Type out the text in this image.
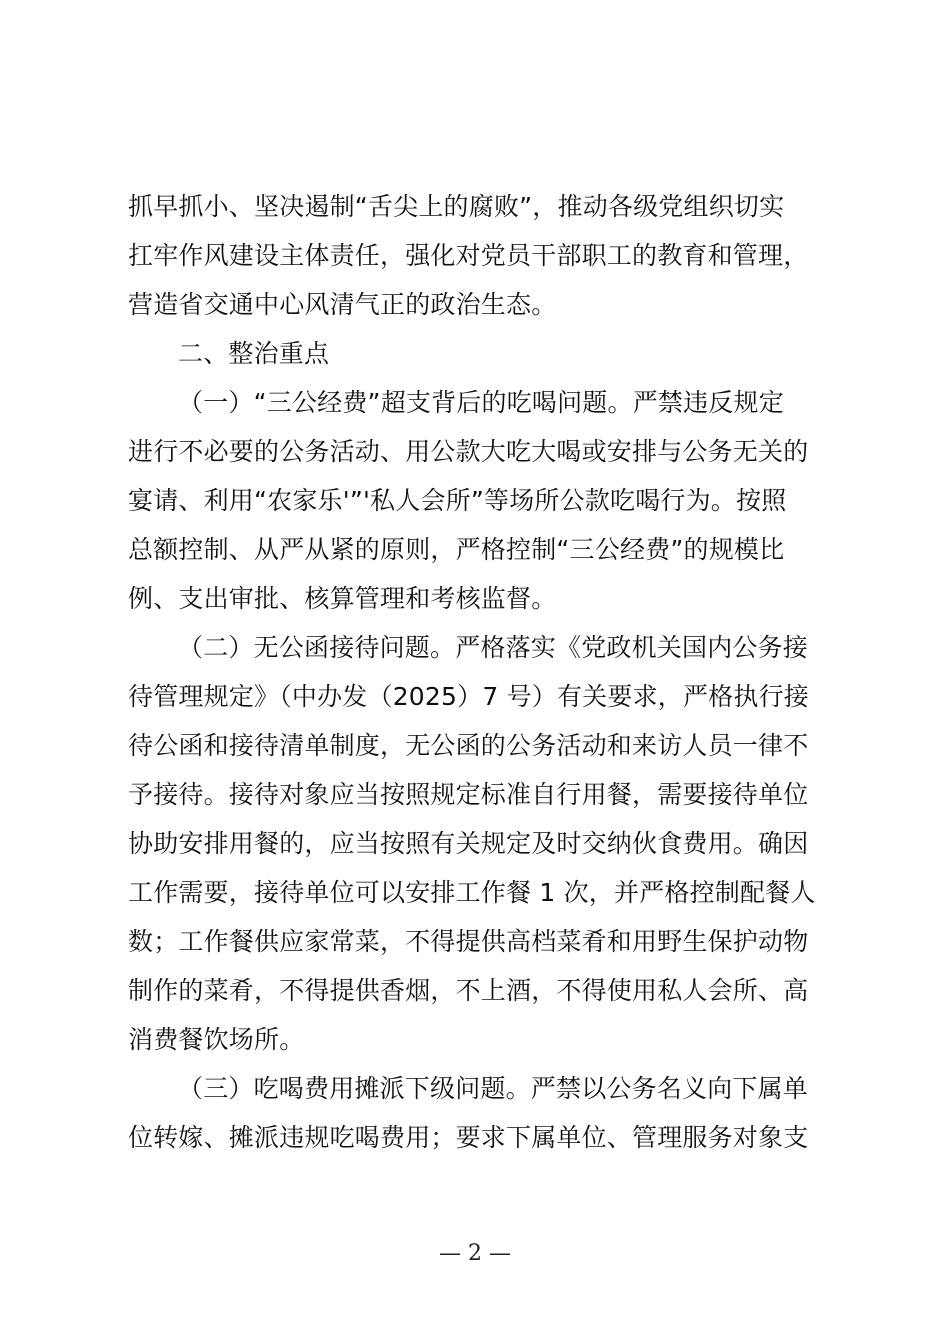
抓早抓小、坚决遏制“舌尖上的腐败”，推动各级党组织切实
扛牢作风建设主体责任，强化对党员干部职工的教育和管理，
营造省交通中心风清气正的政治生态。
二、整治重点
（一）“三公经费”超支背后的吃喝问题。严禁违反规定
进行不必要的公务活动、用公款大吃大喝或安排与公务无关的
宴请、利用“农家乐'”'私人会所”等场所公款吃喝行为。按照
总额控制、从严从紧的原则，严格控制“三公经费”的规模比
例、支出审批、核算管理和考核监督。
（二）无公函接待问题。严格落实《党政机关国内公务接
待管理规定》（中办发（2025）7 号）有关要求，严格执行接
待公函和接待清单制度，无公函的公务活动和来访人员一律不
予接待。接待对象应当按照规定标准自行用餐，需要接待单位
协助安排用餐的，应当按照有关规定及时交纳伙食费用。确因
工作需要，接待单位可以安排工作餐 1 次，并严格控制配餐人
数；工作餐供应家常菜，不得提供高档菜肴和用野生保护动物
制作的菜肴，不得提供香烟，不上酒，不得使用私人会所、高
消费餐饮场所。
（三）吃喝费用摊派下级问题。严禁以公务名义向下属单
位转嫁、摊派违规吃喝费用；要求下属单位、管理服务对象支
— 2 —
